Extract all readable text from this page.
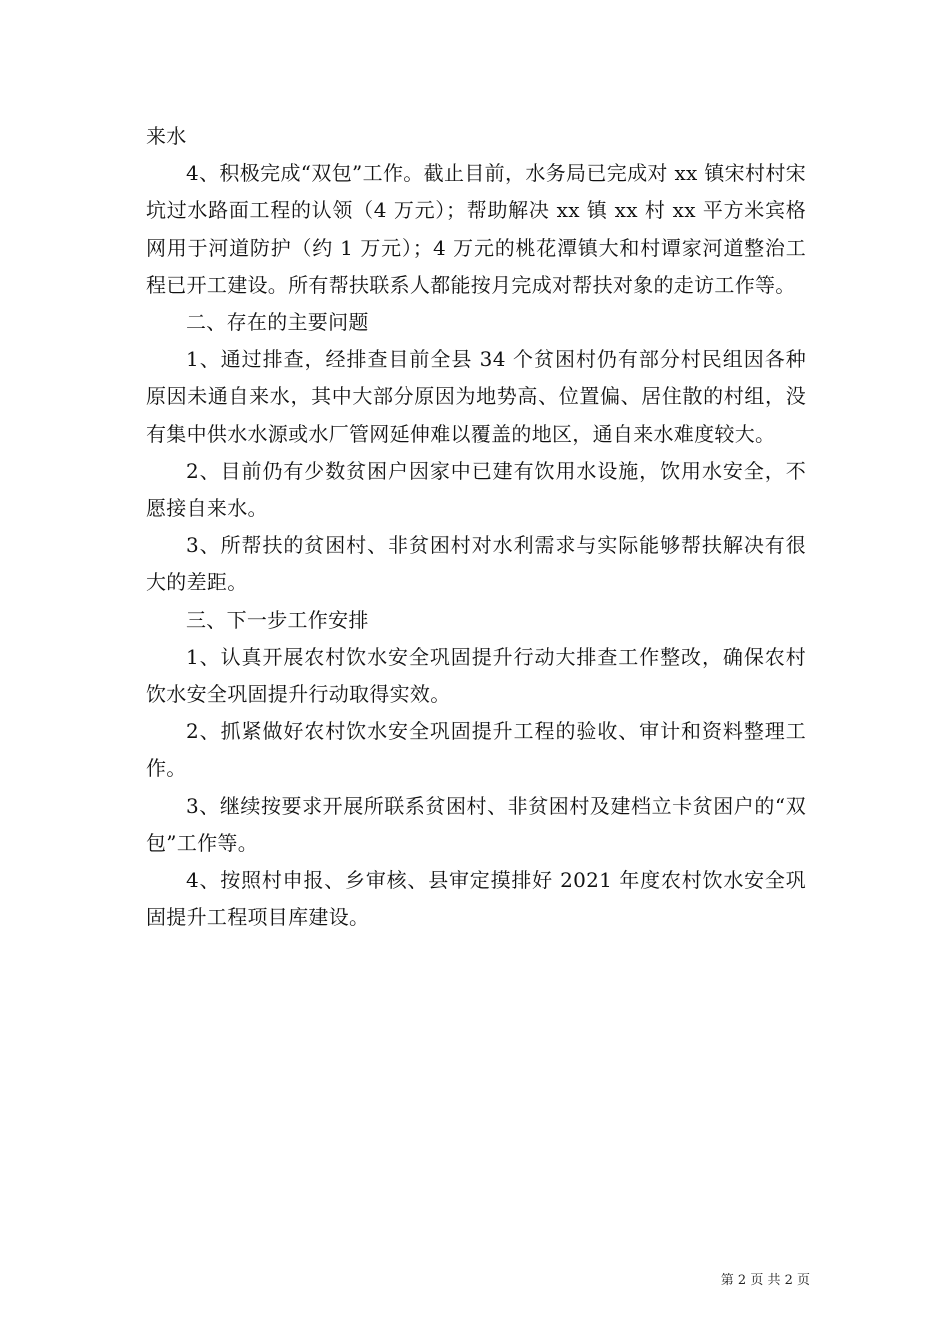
来水

4、积极完成“双包”工作。截止目前，水务局已完成对 xx 镇宋村村宋坑过水路面工程的认领（4 万元）；帮助解决 xx 镇 xx 村 xx 平方米宾格网用于河道防护（约 1 万元）；4 万元的桃花潭镇大和村谭家河道整治工程已开工建设。所有帮扶联系人都能按月完成对帮扶对象的走访工作等。

二、存在的主要问题

1、通过排查，经排查目前全县 34 个贫困村仍有部分村民组因各种原因未通自来水，其中大部分原因为地势高、位置偏、居住散的村组，没有集中供水水源或水厂管网延伸难以覆盖的地区，通自来水难度较大。

2、目前仍有少数贫困户因家中已建有饮用水设施，饮用水安全，不愿接自来水。

3、所帮扶的贫困村、非贫困村对水利需求与实际能够帮扶解决有很大的差距。

三、下一步工作安排

1、认真开展农村饮水安全巩固提升行动大排查工作整改，确保农村饮水安全巩固提升行动取得实效。

2、抓紧做好农村饮水安全巩固提升工程的验收、审计和资料整理工作。

3、继续按要求开展所联系贫困村、非贫困村及建档立卡贫困户的“双包”工作等。

4、按照村申报、乡审核、县审定摸排好 2021 年度农村饮水安全巩固提升工程项目库建设。

第 2 页 共 2 页
